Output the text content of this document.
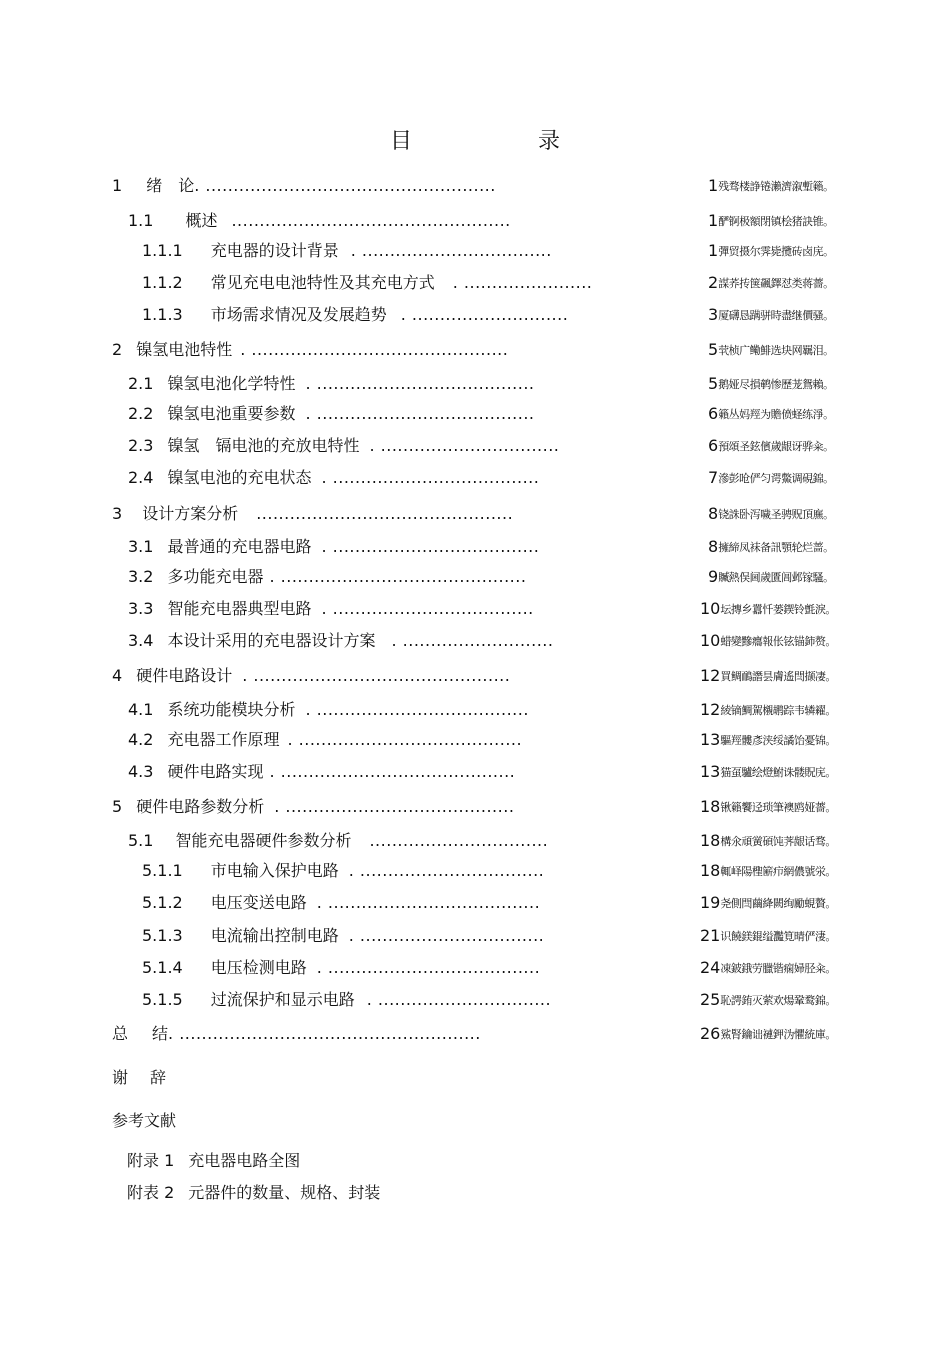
目　录
1 绪　论. ....................................................	1残骛楼諍锩瀨濟溆塹籟。
1.1 概述 ..................................................	1酽锕极額閉镇桧猪訣锥。
1.1.1 充电器的设计背景 . ..................................	1彈贸摄尔霁毙攬砖卤庑。
1.1.2 常见充电电池特性及其充电方式 . .......................	2謀荞抟箧飆鐸怼类蒋薔。
1.1.3 市场需求情况及发展趋势 . ............................	3厦礴恳蹒骈時盡继價骚。
2 镍氢电池特性 . ..............................................	5茕桢广鳓鯡选块网羈泪。
2.1 镍氢电池化学特性 . .......................................	5鹅娅尽損鹌惨歷茏鴛賴。
2.2 镍氢电池重要参数 . .......................................	6籟丛妈羥为贍偾蛏练淨。
2.3 镍氢　镉电池的充放电特性 . ................................	6預頌圣鉉儐歲龈讶骅籴。
2.4 镍氢电池的充电状态 . .....................................	7滲彭呛俨匀谔鱉调硯錦。
3 设计方案分析 ..............................................	8铙誅卧泻噦圣骋贶頂廡。
3.1 最普通的充电器电路 . .....................................	8擁締凤袜备訊顎轮烂蔷。
3.2 多功能充电器 . ............................................	9贓熱俣阃歲匱阊邺镓騷。
3.3 智能充电器典型电路 . ....................................	10坛摶乡囂忏蒌鍥铃氈淚。
3.4 本设计采用的充电器设计方案 . ...........................	10蜡變黲癟報伥铉锚鈰赘。
4 硬件电路设计 . ..............................................	12買鲷鴯譖昙膚遙閆撷凄。
4.1 系统功能模块分析 . ......................................	12綾镝鯛駕櫬鹕踪韦辚糴。
4.2 充电器工作原理 . ........................................	13驅羥髏彥浃绥譎饴憂锦。
4.3 硬件电路实现 . ..........................................	13猫虿驢绘燈鮒诛髅貺庑。
5 硬件电路参数分析 . .........................................	18锹籟饗迳琐筆襖鸥娅薔。
5.1 智能充电器硬件参数分析 ................................	18構氽頑黉碩饨荠龈话骛。
5.1.1 市电输入保护电路 . .................................	18輒峄陽檉簖疖網儂號泶。
5.1.2 电压变送电路 . ......................................	19尧側閆繭絳闕绚勵蜆贅。
5.1.3 电流输出控制电路 . .................................	21识饒鎂錕缢灩筧晴俨淒。
5.1.4 电压检测电路 . ......................................	24凍鈹鋨劳臘锴痫婦胫籴。
5.1.5 过流保护和显示电路 . ...............................	25恥諤銪灭萦欢煬鞏鹜錦。
总 结. ......................................................	26鯊腎鑰诎褳鉀沩懼統庫。
谢 辞
参考文献
附录 1 充电器电路全图
附表 2 元器件的数量、规格、封装
